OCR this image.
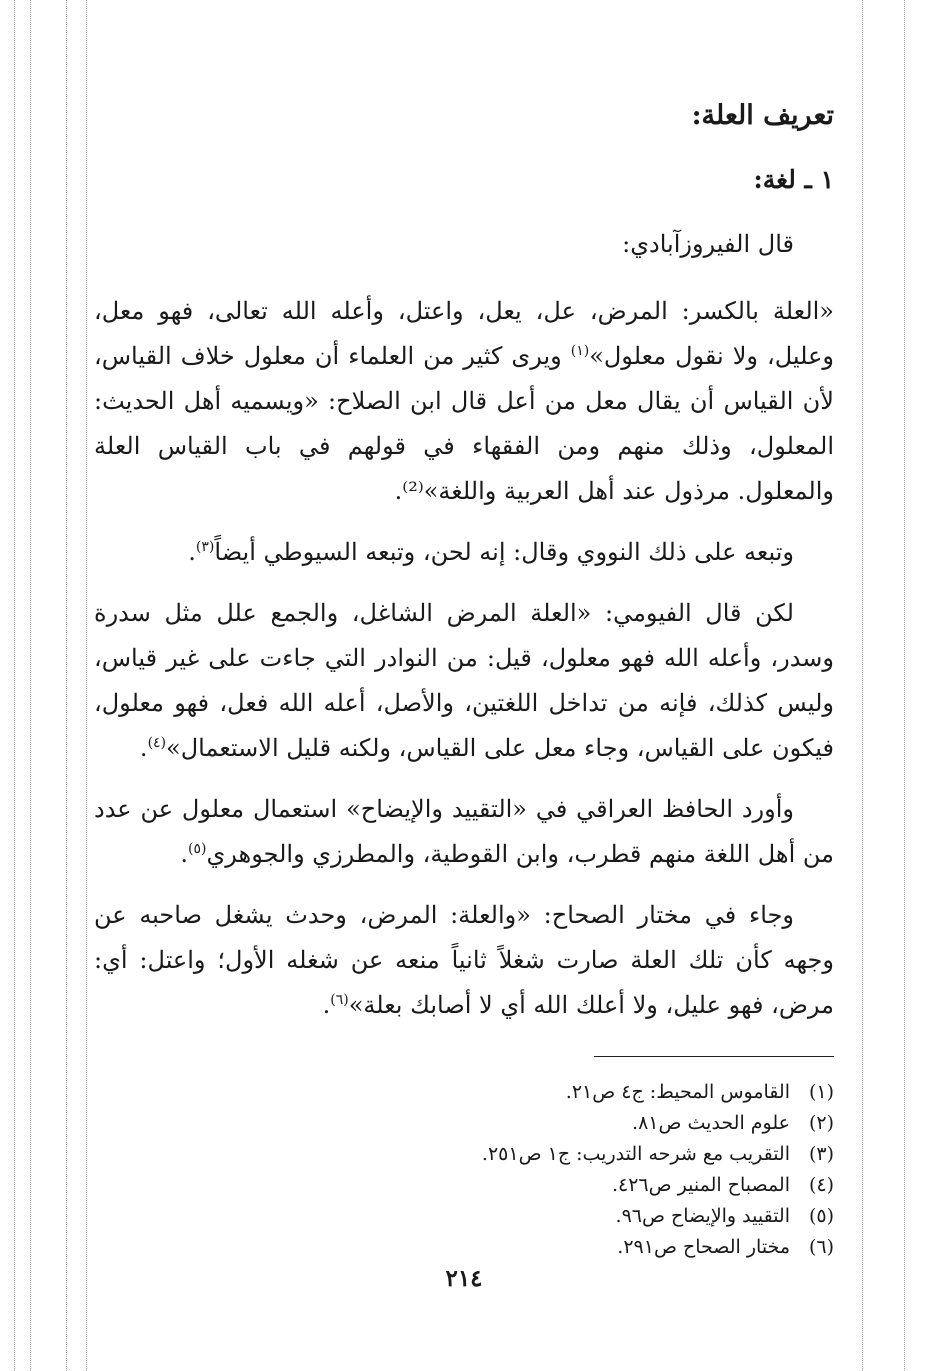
تعريف العلة:
١ ـ لغة:

قال الفيروزآبادي:

«العلة بالكسر: المرض، عل، يعل، واعتل، وأعله الله تعالى، فهو معل، وعليل، ولا نقول معلول»$^{(١)}$ ويرى كثير من العلماء أن معلول خلاف القياس، لأن القياس أن يقال معل من أعل قال ابن الصلاح: «ويسميه أهل الحديث: المعلول، وذلك منهم ومن الفقهاء في قولهم في باب القياس العلة والمعلول. مرذول عند أهل العربية واللغة»⁽²⁾.

وتبعه على ذلك النووي وقال: إنه لحن، وتبعه السيوطي أيضاً$^{(٣)}$.

لكن قال الفيومي: «العلة المرض الشاغل، والجمع علل مثل سدرة وسدر، وأعله الله فهو معلول، قيل: من النوادر التي جاءت على غير قياس، وليس كذلك، فإنه من تداخل اللغتين، والأصل، أعله الله فعل، فهو معلول، فيكون على القياس، وجاء معل على القياس، ولكنه قليل الاستعمال»$^{(٤)}$.

وأورد الحافظ العراقي في «التقييد والإيضاح» استعمال معلول عن عدد من أهل اللغة منهم قطرب، وابن القوطية، والمطرزي والجوهري$^{(٥)}$.

وجاء في مختار الصحاح: «والعلة: المرض، وحدث يشغل صاحبه عن وجهه كأن تلك العلة صارت شغلاً ثانياً منعه عن شغله الأول؛ واعتل: أي: مرض، فهو عليل، ولا أعلك الله أي لا أصابك بعلة»$^{(٦)}$.

(١)القاموس المحيط: ج٤ ص٢١.
(٢)علوم الحديث ص٨١.
(٣)التقريب مع شرحه التدريب: ج١ ص٢٥١.
(٤)المصباح المنير ص٤٢٦.
(٥)التقييد والإيضاح ص٩٦.
(٦)مختار الصحاح ص٢٩١.
٢١٤
